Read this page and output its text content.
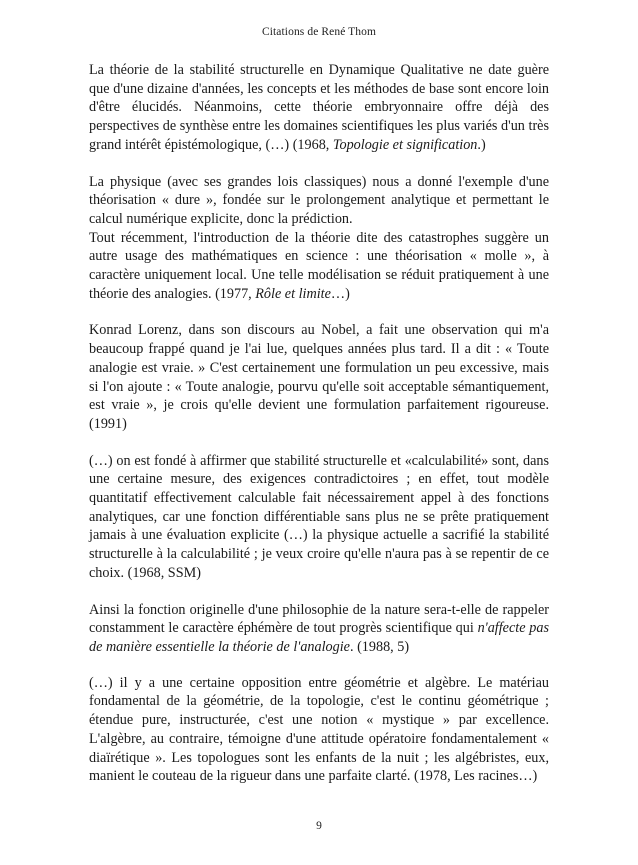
Citations de René Thom

La théorie de la stabilité structurelle en Dynamique Qualitative ne date guère que d'une dizaine d'années, les concepts et les méthodes de base sont encore loin d'être élucidés. Néanmoins, cette théorie embryonnaire offre déjà des perspectives de synthèse entre les domaines scientifiques les plus variés d'un très grand intérêt épistémologique, (…) (1968, Topologie et signification.)

La physique (avec ses grandes lois classiques) nous a donné l'exemple d'une théorisation « dure », fondée sur le prolongement analytique et permettant le calcul numérique explicite, donc la prédiction.
Tout récemment, l'introduction de la théorie dite des catastrophes suggère un autre usage des mathématiques en science : une théorisation « molle », à caractère uniquement local. Une telle modélisation se réduit pratiquement à une théorie des analogies. (1977, Rôle et limite…)

Konrad Lorenz, dans son discours au Nobel, a fait une observation qui m'a beaucoup frappé quand je l'ai lue, quelques années plus tard. Il a dit : « Toute analogie est vraie. » C'est certainement une formulation un peu excessive, mais si l'on ajoute : « Toute analogie, pourvu qu'elle soit acceptable sémantiquement, est vraie », je crois qu'elle devient une formulation parfaitement rigoureuse. (1991)

(…) on est fondé à affirmer que stabilité structurelle et «calculabilité» sont, dans une certaine mesure, des exigences contradictoires ; en effet, tout modèle quantitatif effectivement calculable fait nécessairement appel à des fonctions analytiques, car une fonction différentiable sans plus ne se prête pratiquement jamais à une évaluation explicite (…) la physique actuelle a sacrifié la stabilité structurelle à la calculabilité ; je veux croire qu'elle n'aura pas à se repentir de ce choix. (1968, SSM)

Ainsi la fonction originelle d'une philosophie de la nature sera-t-elle de rappeler constamment le caractère éphémère de tout progrès scientifique qui n'affecte pas de manière essentielle la théorie de l'analogie. (1988, 5)

(…) il y a une certaine opposition entre géométrie et algèbre. Le matériau fondamental de la géométrie, de la topologie, c'est le continu géométrique ; étendue pure, instructurée, c'est une notion « mystique » par excellence. L'algèbre, au contraire, témoigne d'une attitude opératoire fondamentalement « diaïrétique ». Les topologues sont les enfants de la nuit ; les algébristes, eux, manient le couteau de la rigueur dans une parfaite clarté. (1978, Les racines…)

9
